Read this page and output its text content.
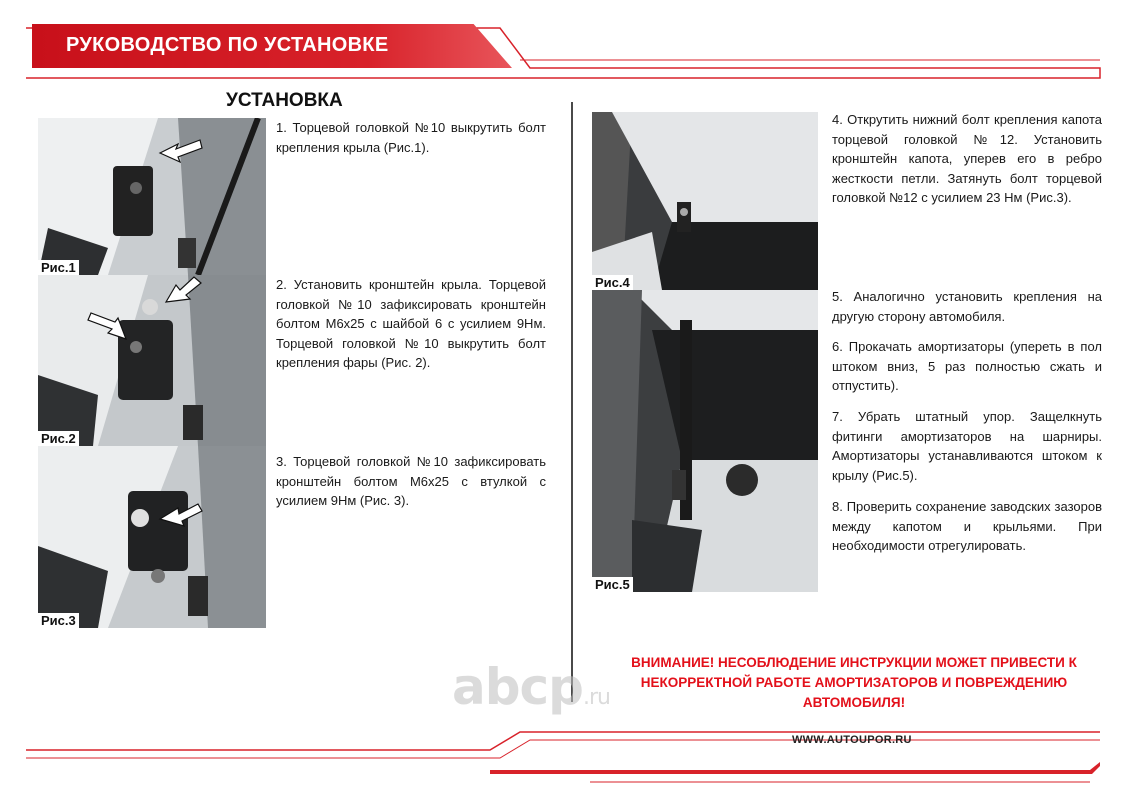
РУКОВОДСТВО ПО УСТАНОВКЕ
УСТАНОВКА
Рис.1
Рис.2
Рис.3
1. Торцевой головкой №10 выкрутить болт крепления крыла (Рис.1).
2. Установить кронштейн крыла. Торцевой головкой №10 зафиксировать кронштейн болтом М6х25 с шайбой 6 с усилием 9Нм. Торцевой головкой №10 выкрутить болт крепления фары (Рис. 2).
3. Торцевой головкой №10 зафиксировать кронштейн болтом М6х25 с втулкой с усилием 9Нм (Рис. 3).
Рис.4
Рис.5
4. Открутить нижний болт крепления капота торцевой головкой №12. Установить кронштейн капота, уперев его в ребро жесткости петли. Затянуть болт торцевой головкой №12 с усилием 23 Нм (Рис.3).
5. Аналогично установить крепления на другую сторону автомобиля.
6. Прокачать амортизаторы (упереть в пол штоком вниз, 5 раз полностью сжать и отпустить).
7. Убрать штатный упор. Защелкнуть фитинги амортизаторов на шарниры. Амортизаторы устанавливаются штоком к крылу (Рис.5).
8. Проверить сохранение заводских зазоров между капотом и крыльями. При необходимости отрегулировать.
ВНИМАНИЕ! НЕСОБЛЮДЕНИЕ ИНСТРУКЦИИ МОЖЕТ ПРИВЕСТИ К НЕКОРРЕКТНОЙ РАБОТЕ АМОРТИЗАТОРОВ И ПОВРЕЖДЕНИЮ АВТОМОБИЛЯ!
abcp.ru
WWW.AUTOUPOR.RU
